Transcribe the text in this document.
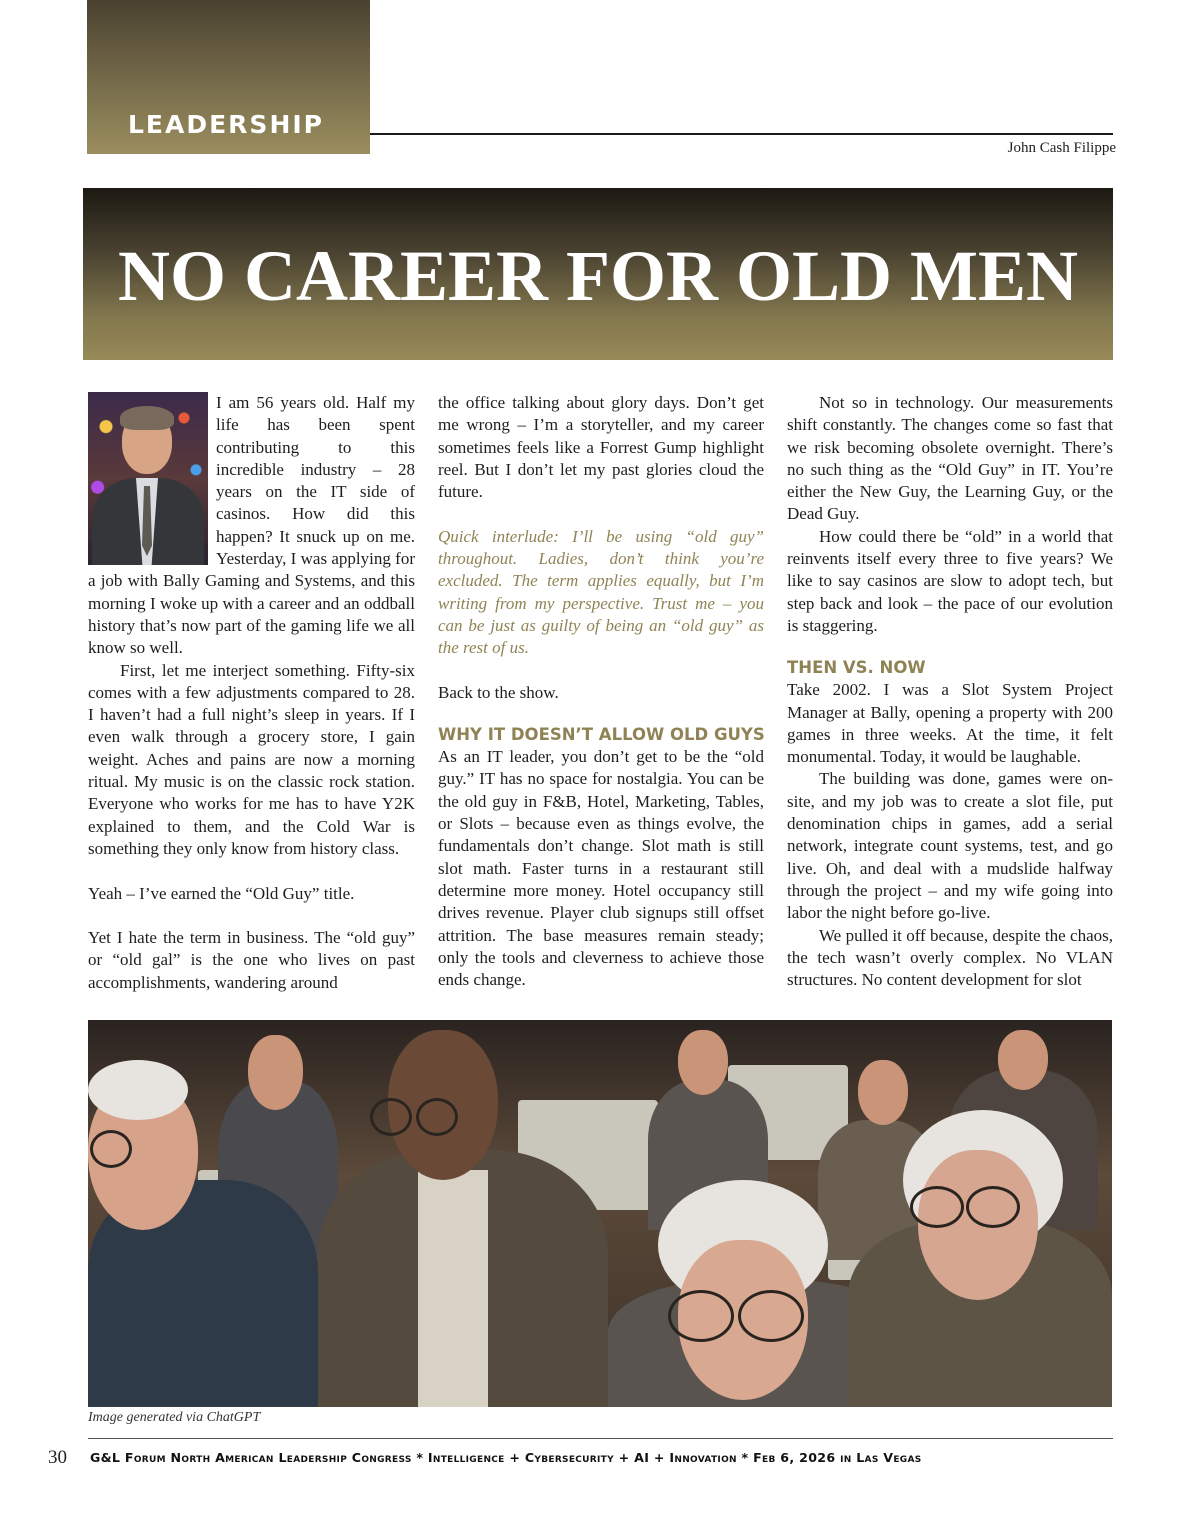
LEADERSHIP
John Cash Filippe
NO CAREER FOR OLD MEN

I am 56 years old. Half my life has been spent contributing to this incredible industry – 28 years on the IT side of casinos. How did this happen? It snuck up on me. Yesterday, I was applying for a job with Bally Gaming and Systems, and this morning I woke up with a career and an oddball history that’s now part of the gaming life we all know so well.

First, let me interject something. Fifty-six comes with a few adjustments compared to 28. I haven’t had a full night’s sleep in years. If I even walk through a grocery store, I gain weight. Aches and pains are now a morning ritual. My music is on the classic rock station. Everyone who works for me has to have Y2K explained to them, and the Cold War is something they only know from history class.

Yeah – I’ve earned the “Old Guy” title.

Yet I hate the term in business. The “old guy” or “old gal” is the one who lives on past accomplishments, wandering around

the office talking about glory days. Don’t get me wrong – I’m a storyteller, and my career sometimes feels like a Forrest Gump highlight reel. But I don’t let my past glories cloud the future.

Quick interlude: I’ll be using “old guy” throughout. Ladies, don’t think you’re excluded. The term applies equally, but I’m writing from my perspective. Trust me – you can be just as guilty of being an “old guy” as the rest of us.

Back to the show.

WHY IT DOESN’T ALLOW OLD GUYS

As an IT leader, you don’t get to be the “old guy.” IT has no space for nostalgia. You can be the old guy in F&B, Hotel, Marketing, Tables, or Slots – because even as things evolve, the fundamentals don’t change. Slot math is still slot math. Faster turns in a restaurant still determine more money. Hotel occupancy still drives revenue. Player club signups still offset attrition. The base measures remain steady; only the tools and cleverness to achieve those ends change.

Not so in technology. Our measurements shift constantly. The changes come so fast that we risk becoming obsolete overnight. There’s no such thing as the “Old Guy” in IT. You’re either the New Guy, the Learning Guy, or the Dead Guy.

How could there be “old” in a world that reinvents itself every three to five years? We like to say casinos are slow to adopt tech, but step back and look – the pace of our evolution is staggering.

THEN VS. NOW

Take 2002. I was a Slot System Project Manager at Bally, opening a property with 200 games in three weeks. At the time, it felt monumental. Today, it would be laughable.

The building was done, games were on-site, and my job was to create a slot file, put denomination chips in games, add a serial network, integrate count systems, test, and go live. Oh, and deal with a mudslide halfway through the project – and my wife going into labor the night before go-live.

We pulled it off because, despite the chaos, the tech wasn’t overly complex. No VLAN structures. No content development for slot

Image generated via ChatGPT
30 G&L Forum North American Leadership Congress * Intelligence + Cybersecurity + AI + Innovation * Feb 6, 2026 in Las Vegas
